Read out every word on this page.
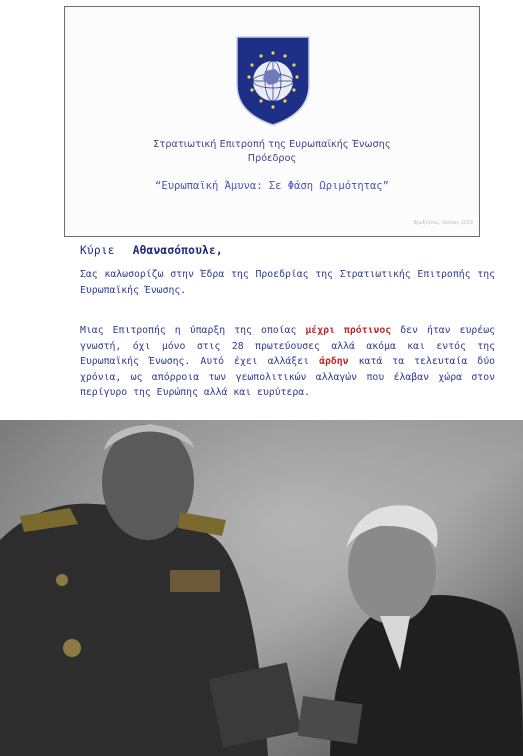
Στρατιωτική Επιτροπή της Ευρωπαϊκής Ένωσης
Πρόεδρος
“Ευρωπαϊκή Άμυνα: Σε Φάση Ωριμότητας”
Βρυξέλλες, Ιούνιος 2019
Κύριε Αθανασόπουλε,
Σας καλωσορίζω στην Έδρα της Προεδρίας της Στρατιωτικής Επιτροπής της Ευρωπαϊκής Ένωσης.
Μιας Επιτροπής η ύπαρξη της οποίας μέχρι πρότινος δεν ήταν ευρέως γνωστή, όχι μόνο στις 28 πρωτεύουσες αλλά ακόμα και εντός της Ευρωπαϊκής Ένωσης. Αυτό έχει αλλάξει άρδην κατά τα τελευταία δύο χρόνια, ως απόρροια των γεωπολιτικών αλλαγών που έλαβαν χώρα στον περίγυρο της Ευρώπης αλλά και ευρύτερα.
